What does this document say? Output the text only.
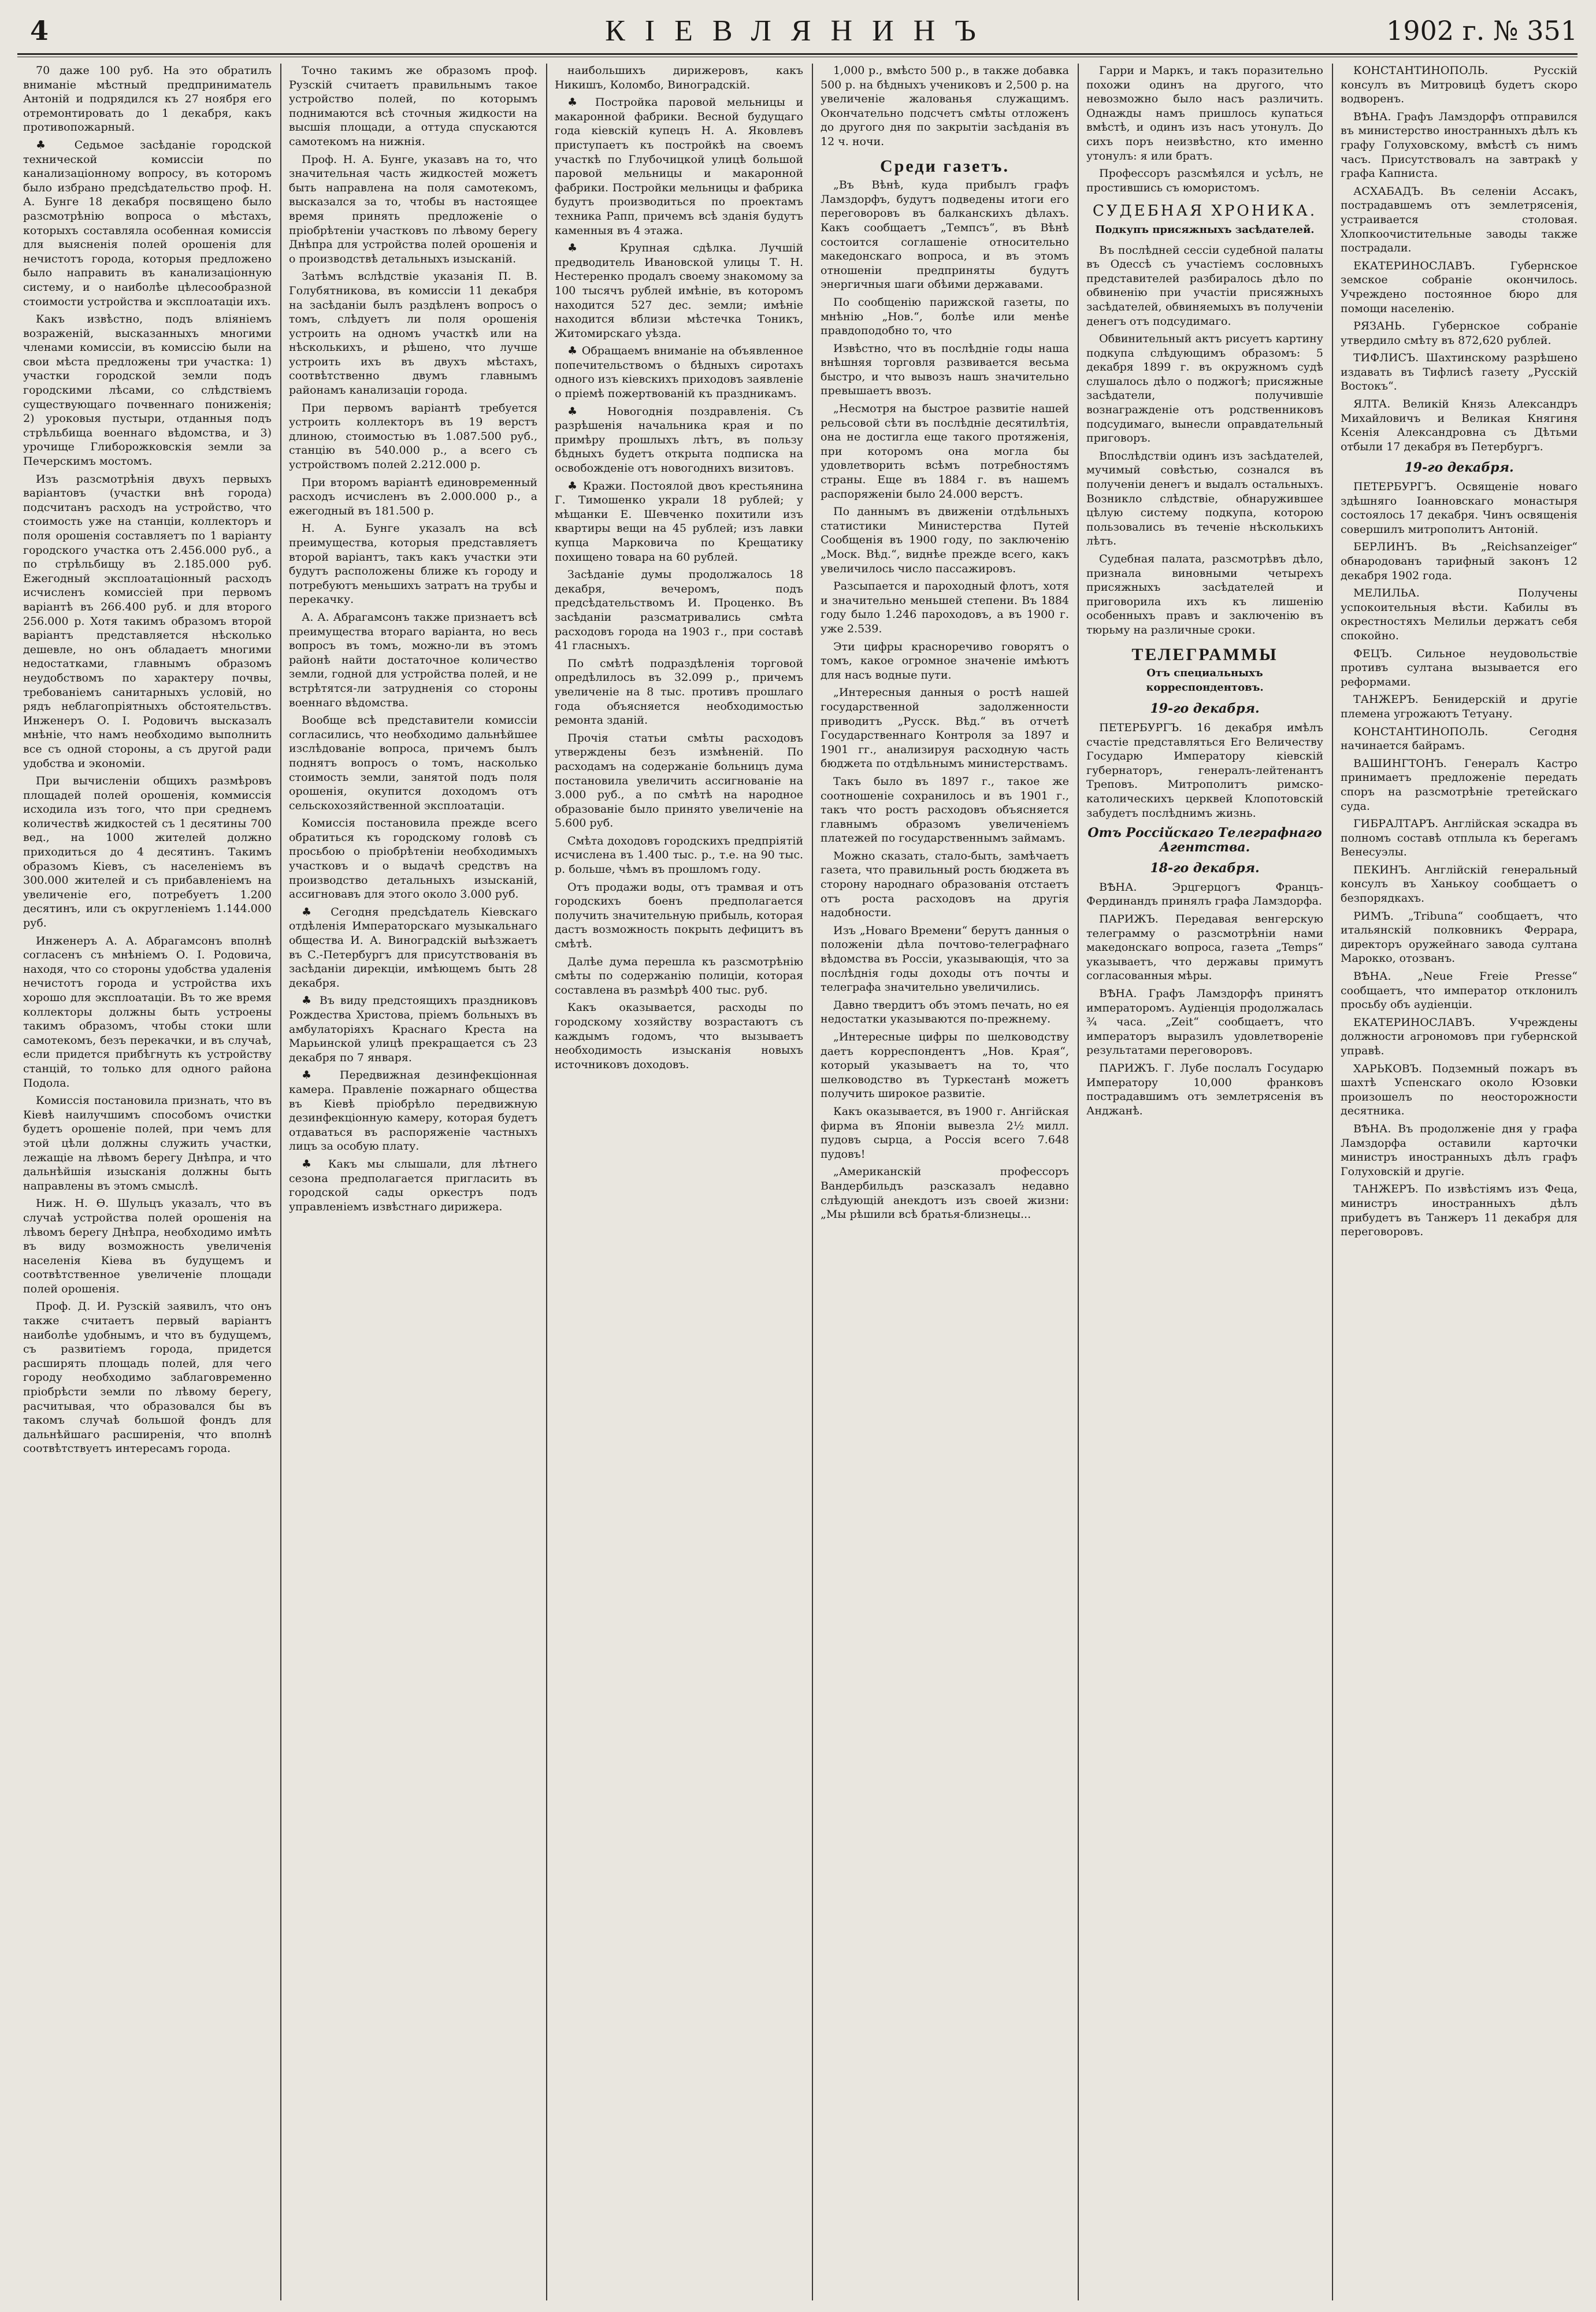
4	КІЕВЛЯНИНЪ	1902 г. № 351

70 даже 100 руб. На это обратилъ вниманіе мѣстный предприниматель Антоній и подрядился къ 27 ноября его отремонтировать до 1 декабря, какъ противопожарный.

♣ Седьмое засѣданіе городской технической комиссіи по канализаціонному вопросу, въ которомъ было избрано предсѣдательство проф. Н. А. Бунге 18 декабря посвящено было разсмотрѣнію вопроса о мѣстахъ, которыхъ составляла особенная комиссія для выясненія полей орошенія для нечистотъ города, которыя предложено было направить въ канализаціонную систему, и о наиболѣе цѣлесообразной стоимости устройства и эксплоатаціи ихъ.

Какъ извѣстно, подъ вліяніемъ возраженій, высказанныхъ многими членами комиссіи, въ комиссію были на свои мѣста предложены три участка: 1) участки городской земли подъ городскими лѣсами, со слѣдствіемъ существующаго почвеннаго пониженія; 2) уроковыя пустыри, отданныя подъ стрѣльбища военнаго вѣдомства, и 3) урочище Глиборожковскія земли за Печерскимъ мостомъ.

Изъ разсмотрѣнія двухъ первыхъ варіантовъ (участки внѣ города) подсчитанъ расходъ на устройство, что стоимость уже на станціи, коллекторъ и поля орошенія составляетъ по 1 варіанту городского участка отъ 2.456.000 руб., а по стрѣльбищу въ 2.185.000 руб. Ежегодный эксплоатаціонный расходъ исчисленъ комиссіей при первомъ варіантѣ въ 266.400 руб. и для второго 256.000 р. Хотя такимъ образомъ второй варіантъ представляется нѣсколько дешевле, но онъ обладаетъ многими недостатками, главнымъ образомъ неудобствомъ по характеру почвы, требованіемъ санитарныхъ условій, но рядъ неблагопріятныхъ обстоятельствъ. Инженеръ О. І. Родовичъ высказалъ мнѣніе, что намъ необходимо выполнить все съ одной стороны, а съ другой ради удобства и экономіи.

При вычисленіи общихъ размѣровъ площадей полей орошенія, коммиссія исходила изъ того, что при среднемъ количествѣ жидкостей съ 1 десятины 700 вед., на 1000 жителей должно приходиться до 4 десятинъ. Такимъ образомъ Кіевъ, съ населеніемъ въ 300.000 жителей и съ прибавленіемъ на увеличеніе его, потребуетъ 1.200 десятинъ, или съ округленіемъ 1.144.000 руб.

Инженеръ А. А. Абрагамсонъ вполнѣ согласенъ съ мнѣніемъ О. І. Родовича, находя, что со стороны удобства удаленія нечистотъ города и устройства ихъ хорошо для эксплоатаціи. Въ то же время коллекторы должны быть устроены такимъ образомъ, чтобы стоки шли самотекомъ, безъ перекачки, и въ случаѣ, если придется прибѣгнуть къ устройству станцій, то только для одного района Подола.

Комиссія постановила признать, что въ Кіевѣ наилучшимъ способомъ очистки будетъ орошеніе полей, при чемъ для этой цѣли должны служить участки, лежащіе на лѣвомъ берегу Днѣпра, и что дальнѣйшія изысканія должны быть направлены въ этомъ смыслѣ.

Ниж. Н. Ѳ. Шульцъ указалъ, что въ случаѣ устройства полей орошенія на лѣвомъ берегу Днѣпра, необходимо имѣть въ виду возможность увеличенія населенія Кіева въ будущемъ и соотвѣтственное увеличеніе площади полей орошенія.

Проф. Д. И. Рузскій заявилъ, что онъ также считаетъ первый варіантъ наиболѣе удобнымъ, и что въ будущемъ, съ развитіемъ города, придется расширять площадь полей, для чего городу необходимо заблаговременно пріобрѣсти земли по лѣвому берегу, расчитывая, что образовался бы въ такомъ случаѣ большой фондъ для дальнѣйшаго расширенія, что вполнѣ соотвѣтствуетъ интересамъ города.

Точно такимъ же образомъ проф. Рузскій считаетъ правильнымъ такое устройство полей, по которымъ поднимаются всѣ сточныя жидкости на высшія площади, а оттуда спускаются самотекомъ на нижнія.

Проф. Н. А. Бунге, указавъ на то, что значительная часть жидкостей можетъ быть направлена на поля самотекомъ, высказался за то, чтобы въ настоящее время принять предложеніе о пріобрѣтеніи участковъ по лѣвому берегу Днѣпра для устройства полей орошенія и о производствѣ детальныхъ изысканій.

Затѣмъ вслѣдствіе указанія П. В. Голубятникова, въ комиссіи 11 декабря на засѣданіи былъ раздѣленъ вопросъ о томъ, слѣдуетъ ли поля орошенія устроить на одномъ участкѣ или на нѣсколькихъ, и рѣшено, что лучше устроить ихъ въ двухъ мѣстахъ, соотвѣтственно двумъ главнымъ районамъ канализаціи города.

При первомъ варіантѣ требуется устроить коллекторъ въ 19 верстъ длиною, стоимостью въ 1.087.500 руб., станцію въ 540.000 р., а всего съ устройствомъ полей 2.212.000 р.

При второмъ варіантѣ единовременный расходъ исчисленъ въ 2.000.000 р., а ежегодный въ 181.500 р.

Н. А. Бунге указалъ на всѣ преимущества, которыя представляетъ второй варіантъ, такъ какъ участки эти будутъ расположены ближе къ городу и потребуютъ меньшихъ затратъ на трубы и перекачку.

А. А. Абрагамсонъ также признаетъ всѣ преимущества втораго варіанта, но весь вопросъ въ томъ, можно-ли въ этомъ районѣ найти достаточное количество земли, годной для устройства полей, и не встрѣтятся-ли затрудненія со стороны военнаго вѣдомства.

Вообще всѣ представители комиссіи согласились, что необходимо дальнѣйшее изслѣдованіе вопроса, причемъ былъ поднятъ вопросъ о томъ, насколько стоимость земли, занятой подъ поля орошенія, окупится доходомъ отъ сельскохозяйственной эксплоатаціи.

Комиссія постановила прежде всего обратиться къ городскому головѣ съ просьбою о пріобрѣтеніи необходимыхъ участковъ и о выдачѣ средствъ на производство детальныхъ изысканій, ассигновавъ для этого около 3.000 руб.

♣ Сегодня предсѣдатель Кіевскаго отдѣленія Императорскаго музыкальнаго общества И. А. Виноградскій выѣзжаетъ въ С.-Петербургъ для присутствованія въ засѣданіи дирекціи, имѣющемъ быть 28 декабря.

♣ Въ виду предстоящихъ праздниковъ Рождества Христова, пріемъ больныхъ въ амбулаторіяхъ Краснаго Креста на Марьинской улицѣ прекращается съ 23 декабря по 7 января.

♣ Передвижная дезинфекціонная камера. Правленіе пожарнаго общества въ Кіевѣ пріобрѣло передвижную дезинфекціонную камеру, которая будетъ отдаваться въ распоряженіе частныхъ лицъ за особую плату.

♣ Какъ мы слышали, для лѣтнего сезона предполагается пригласить въ городской сады оркестръ подъ управленіемъ извѣстнаго дирижера.

наибольшихъ дирижеровъ, какъ Никишъ, Коломбо, Виноградскій.

♣ Постройка паровой мельницы и макаронной фабрики. Весной будущаго года кіевскій купецъ Н. А. Яковлевъ приступаетъ къ постройкѣ на своемъ участкѣ по Глубочицкой улицѣ большой паровой мельницы и макаронной фабрики. Постройки мельницы и фабрика будутъ производиться по проектамъ техника Рапп, причемъ всѣ зданія будутъ каменныя въ 4 этажа.

♣ Крупная сдѣлка. Лучшій предводитель Ивановской улицы Т. Н. Нестеренко продалъ своему знакомому за 100 тысячъ рублей имѣніе, въ которомъ находится 527 дес. земли; имѣніе находится вблизи мѣстечка Тоникъ, Житомирскаго уѣзда.

♣ Обращаемъ вниманіе на объявленное попечительствомъ о бѣдныхъ сиротахъ одного изъ кіевскихъ приходовъ заявленіе о пріемѣ пожертвованій къ праздникамъ.

♣ Новогоднія поздравленія. Съ разрѣшенія начальника края и по примѣру прошлыхъ лѣтъ, въ пользу бѣдныхъ будетъ открыта подписка на освобожденіе отъ новогоднихъ визитовъ.

♣ Кражи. Постоялой двоъ крестьянина Г. Тимошенко украли 18 рублей; у мѣщанки Е. Шевченко похитили изъ квартиры вещи на 45 рублей; изъ лавки купца Марковича по Крещатику похищено товара на 60 рублей.

Засѣданіе думы продолжалось 18 декабря, вечеромъ, подъ предсѣдательствомъ И. Проценко. Въ засѣданіи разсматривались смѣта расходовъ города на 1903 г., при составѣ 41 гласныхъ.

По смѣтѣ подраздѣленія торговой опредѣлилось въ 32.099 р., причемъ увеличеніе на 8 тыс. противъ прошлаго года объясняется необходимостью ремонта зданій.

Прочія статьи смѣты расходовъ утверждены безъ измѣненій. По расходамъ на содержаніе больницъ дума постановила увеличить ассигнованіе на 3.000 руб., а по смѣтѣ на народное образованіе было принято увеличеніе на 5.600 руб.

Смѣта доходовъ городскихъ предпріятій исчислена въ 1.400 тыс. р., т.е. на 90 тыс. р. больше, чѣмъ въ прошломъ году.

Отъ продажи воды, отъ трамвая и отъ городскихъ боенъ предполагается получить значительную прибыль, которая дастъ возможность покрыть дефицитъ въ смѣтѣ.

Далѣе дума перешла къ разсмотрѣнію смѣты по содержанію полиціи, которая составлена въ размѣрѣ 400 тыс. руб.

Какъ оказывается, расходы по городскому хозяйству возрастаютъ съ каждымъ годомъ, что вызываетъ необходимость изысканія новыхъ источниковъ доходовъ.

1,000 р., вмѣсто 500 р., в также добавка 500 р. на бѣдныхъ учениковъ и 2,500 р. на увеличеніе жалованья служащимъ. Окончательно подсчетъ смѣты отложенъ до другого дня по закрытіи засѣданія въ 12 ч. ночи.

Среди газетъ.

„Въ Вѣнѣ, куда прибылъ графъ Ламздорфъ, будутъ подведены итоги его переговоровъ въ балканскихъ дѣлахъ. Какъ сообщаетъ „Темпсъ“, въ Вѣнѣ состоится соглашеніе относительно македонскаго вопроса, и въ этомъ отношеніи предприняты будутъ энергичныя шаги обѣими державами.

По сообщенію парижской газеты, по мнѣнію „Нов.“, болѣе или менѣе правдоподобно то, что

Извѣстно, что въ послѣдніе годы наша внѣшняя торговля развивается весьма быстро, и что вывозъ нашъ значительно превышаетъ ввозъ.

„Несмотря на быстрое развитіе нашей рельсовой сѣти въ послѣдніе десятилѣтія, она не достигла еще такого протяженія, при которомъ она могла бы удовлетворить всѣмъ потребностямъ страны. Еще въ 1884 г. въ нашемъ распоряженіи было 24.000 верстъ.

По даннымъ въ движеніи отдѣльныхъ статистики Министерства Путей Сообщенія въ 1900 году, по заключенію „Моск. Вѣд.“, виднѣе прежде всего, какъ увеличилось число пассажировъ.

Разсыпается и пароходный флотъ, хотя и значительно меньшей степени. Въ 1884 году было 1.246 пароходовъ, а въ 1900 г. уже 2.539.

Эти цифры красноречиво говорятъ о томъ, какое огромное значеніе имѣютъ для насъ водные пути.

„Интересныя данныя о ростѣ нашей государственной задолженности приводитъ „Русск. Вѣд.“ въ отчетѣ Государственнаго Контроля за 1897 и 1901 гг., анализируя расходную часть бюджета по отдѣльнымъ министерствамъ.

Такъ было въ 1897 г., такое же соотношеніе сохранилось и въ 1901 г., такъ что ростъ расходовъ объясняется главнымъ образомъ увеличеніемъ платежей по государственнымъ займамъ.

Можно сказать, стало-быть, замѣчаетъ газета, что правильный рость бюджета въ сторону народнаго образованія отстаетъ отъ роста расходовъ на другія надобности.

Изъ „Новаго Времени“ берутъ данныя о положеніи дѣла почтово-телеграфнаго вѣдомства въ Россіи, указывающія, что за послѣднія годы доходы отъ почты и телеграфа значительно увеличились.

Давно твердитъ объ этомъ печать, но ея недостатки указываются по-прежнему.

„Интересные цифры по шелководству даетъ корреспондентъ „Нов. Края“, который указываетъ на то, что шелководство въ Туркестанѣ можетъ получить широкое развитіе.

Какъ оказывается, въ 1900 г. Ангійская фирма въ Японіи вывезла 2½ милл. пудовъ сырца, а Россія всего 7.648 пудовъ!

„Американскій профессоръ Вандербильдъ разсказалъ недавно слѣдующій анекдотъ изъ своей жизни: „Мы рѣшили всѣ братья-близнецы...

Гарри и Маркъ, и такъ поразительно похожи одинъ на другого, что невозможно было насъ различить. Однажды намъ пришлось купаться вмѣстѣ, и одинъ изъ насъ утонулъ. До сихъ поръ неизвѣстно, кто именно утонулъ: я или братъ.

Профессоръ разсмѣялся и усѣлъ, не простившись съ юмористомъ.

СУДЕБНАЯ ХРОНИКА.
Подкупъ присяжныхъ засѣдателей.

Въ послѣдней сессіи судебной палаты въ Одессѣ съ участіемъ сословныхъ представителей разбиралось дѣло по обвиненію при участіи присяжныхъ засѣдателей, обвиняемыхъ въ полученіи денегъ отъ подсудимаго.

Обвинительный актъ рисуетъ картину подкупа слѣдующимъ образомъ: 5 декабря 1899 г. въ окружномъ судѣ слушалось дѣло о поджогѣ; присяжные засѣдатели, получившіе вознагражденіе отъ родственниковъ подсудимаго, вынесли оправдательный приговоръ.

Впослѣдствіи одинъ изъ засѣдателей, мучимый совѣстью, сознался въ полученіи денегъ и выдалъ остальныхъ. Возникло слѣдствіе, обнаружившее цѣлую систему подкупа, которою пользовались въ теченіе нѣсколькихъ лѣтъ.

Судебная палата, разсмотрѣвъ дѣло, признала виновными четырехъ присяжныхъ засѣдателей и приговорила ихъ къ лишенію особенныхъ правъ и заключенію въ тюрьму на различные сроки.

ТЕЛЕГРАММЫ
Отъ специальныхъ корреспондентовъ.
19-го декабря.

ПЕТЕРБУРГЪ. 16 декабря имѣлъ счастіе представляться Его Величеству Государю Императору кіевскій губернаторъ, генералъ-лейтенантъ Треповъ. Митрополитъ римско-католическихъ церквей Клопотовскій забудетъ послѣднимъ жизнь.

Отъ Россійскаго Телеграфнаго Агентства.
18-го декабря.

ВѢНА. Эрцгерцогъ Францъ-Фердинандъ принялъ графа Ламздорфа.

ПАРИЖЪ. Передавая венгерскую телеграмму о разсмотрѣніи нами македонскаго вопроса, газета „Temps“ указываетъ, что державы примутъ согласованныя мѣры.

ВѢНА. Графъ Ламздорфъ принятъ императоромъ. Аудіенція продолжалась ¾ часа. „Zeit“ сообщаетъ, что императоръ выразилъ удовлетвореніе результатами переговоровъ.

ПАРИЖЪ. Г. Лубе послалъ Государю Императору 10,000 франковъ пострадавшимъ отъ землетрясенія въ Анджанѣ.

КОНСТАНТИНОПОЛЬ. Русскій консулъ въ Митровицѣ будетъ скоро водворенъ.

ВѢНА. Графъ Ламздорфъ отправился въ министерство иностранныхъ дѣлъ къ графу Голуховскому, вмѣстѣ съ нимъ часъ. Присутствовалъ на завтракѣ у графа Капниста.

АСХАБАДЪ. Въ селеніи Ассакъ, пострадавшемъ отъ землетрясенія, устраивается столовая. Хлопкоочистительные заводы также пострадали.

ЕКАТЕРИНОСЛАВЪ. Губернское земское собраніе окончилось. Учреждено постоянное бюро для помощи населенію.

РЯЗАНЬ. Губернское собраніе утвердило смѣту въ 872,620 рублей.

ТИФЛИСЪ. Шахтинскому разрѣшено издавать въ Тифлисѣ газету „Русскій Востокъ“.

ЯЛТА. Великій Князь Александръ Михайловичъ и Великая Княгиня Ксенія Александровна съ Дѣтьми отбыли 17 декабря въ Петербургъ.

19-го декабря.

ПЕТЕРБУРГЪ. Освященіе новаго здѣшняго Іоанновскаго монастыря состоялось 17 декабря. Чинъ освященія совершилъ митрополитъ Антоній.

БЕРЛИНЪ. Въ „Reichsanzeiger“ обнародованъ тарифный законъ 12 декабря 1902 года.

МЕЛИЛЬА. Получены успокоительныя вѣсти. Кабилы въ окрестностяхъ Мелильи держатъ себя спокойно.

ФЕЦЪ. Сильное неудовольствіе противъ султана вызывается его реформами.

ТАНЖЕРЪ. Бенидерскій и другіе племена угрожаютъ Тетуану.

КОНСТАНТИНОПОЛЬ. Сегодня начинается байрамъ.

ВАШИНГТОНЪ. Генералъ Кастро принимаетъ предложеніе передать споръ на разсмотрѣніе третейскаго суда.

ГИБРАЛТАРЪ. Англійская эскадра въ полномъ составѣ отплыла къ берегамъ Венесуэлы.

ПЕКИНЪ. Англійскій генеральный консулъ въ Ханькоу сообщаетъ о безпорядкахъ.

РИМЪ. „Tribuna“ сообщаетъ, что итальянскій полковникъ Феррара, директоръ оружейнаго завода султана Марокко, отозванъ.

ВѢНА. „Neue Freie Presse“ сообщаетъ, что император отклонилъ просьбу объ аудіенціи.

ЕКАТЕРИНОСЛАВЪ. Учреждены должности агрономовъ при губернской управѣ.

ХАРЬКОВЪ. Подземный пожаръ въ шахтѣ Успенскаго около Юзовки произошелъ по неосторожности десятника.

ВѢНА. Въ продолженіе дня у графа Ламздорфа оставили карточки министръ иностранныхъ дѣлъ графъ Голуховскій и другіе.

ТАНЖЕРЪ. По извѣстіямъ изъ Феца, министръ иностранныхъ дѣлъ прибудетъ въ Танжеръ 11 декабря для переговоровъ.
